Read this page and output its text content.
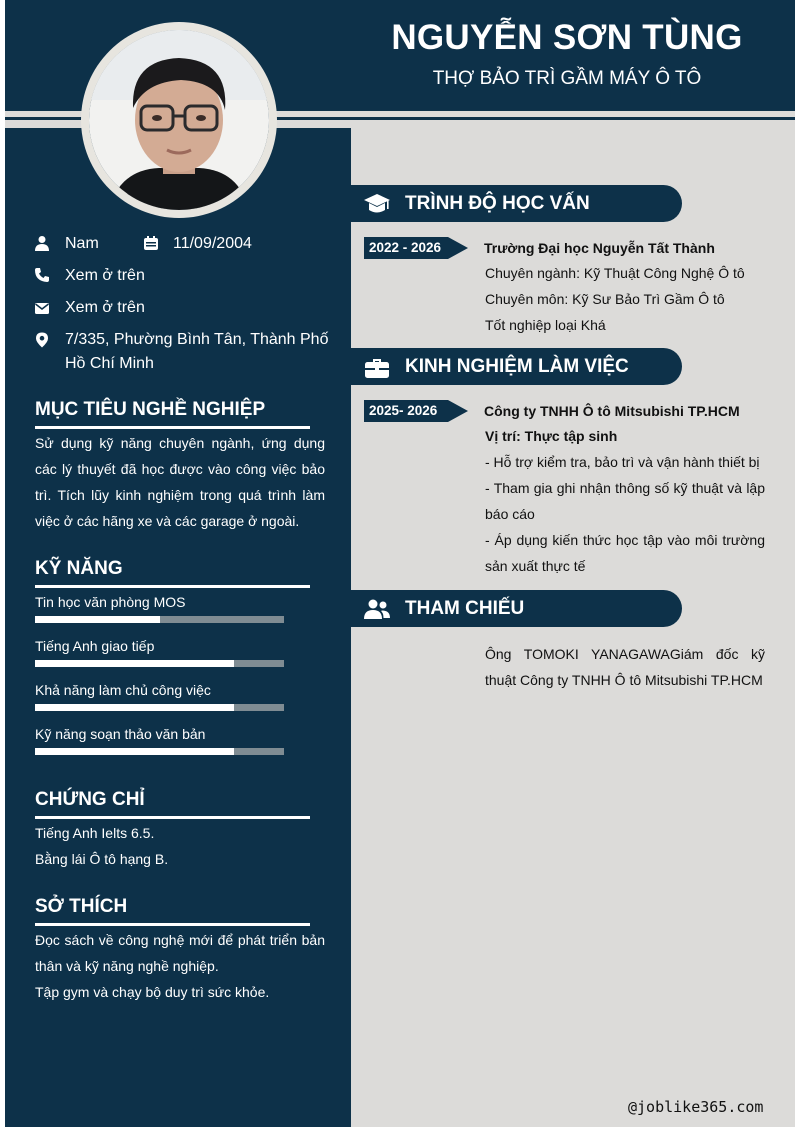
NGUYỄN SƠN TÙNG
THỢ BẢO TRÌ GẦM MÁY Ô TÔ
Nam	11/09/2004
Xem ở trên
Xem ở trên
7/335, Phường Bình Tân, Thành Phố Hồ Chí Minh
MỤC TIÊU NGHỀ NGHIỆP
Sử dụng kỹ năng chuyên ngành, ứng dụng các lý thuyết đã học được vào công việc bảo trì. Tích lũy kinh nghiệm trong quá trình làm việc ở các hãng xe và các garage ở ngoài.
KỸ NĂNG
Tin học văn phòng MOS
Tiếng Anh giao tiếp
Khả năng làm chủ công việc
Kỹ năng soạn thảo văn bản
CHỨNG CHỈ
Tiếng Anh Ielts 6.5.
Bằng lái Ô tô hạng B.
SỞ THÍCH
Đọc sách về công nghệ mới để phát triển bản thân và kỹ năng nghề nghiệp.
Tập gym và chạy bộ duy trì sức khỏe.
TRÌNH ĐỘ HỌC VẤN
2022 - 2026	Trường Đại học Nguyễn Tất Thành
Chuyên ngành: Kỹ Thuật Công Nghệ Ô tô
Chuyên môn: Kỹ Sư Bảo Trì Gầm Ô tô
Tốt nghiệp loại Khá
KINH NGHIỆM LÀM VIỆC
2025- 2026	Công ty TNHH Ô tô Mitsubishi TP.HCM
Vị trí: Thực tập sinh
- Hỗ trợ kiểm tra, bảo trì và vận hành thiết bị
- Tham gia ghi nhận thông số kỹ thuật và lập báo cáo
- Áp dụng kiến thức học tập vào môi trường sản xuất thực tế
THAM CHIẾU
Ông TOMOKI YANAGAWAGiám đốc kỹ thuật Công ty TNHH Ô tô Mitsubishi TP.HCM
@joblike365.com
